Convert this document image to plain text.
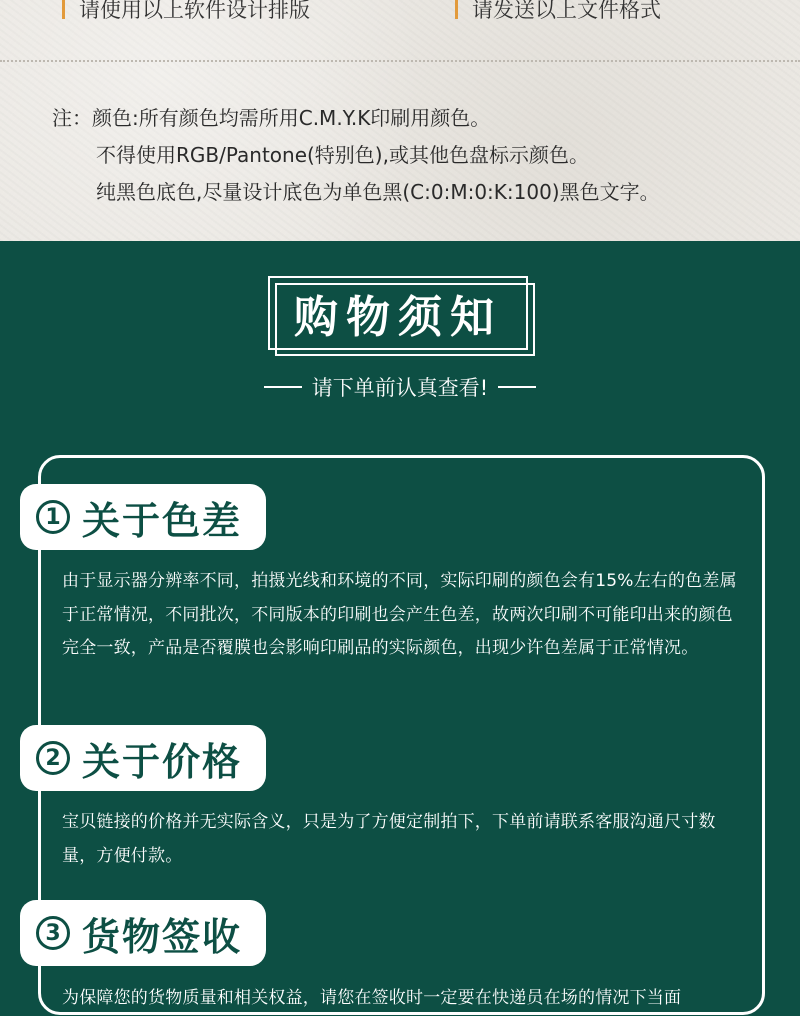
请使用以上软件设计排版	请发送以上文件格式
注：颜色:所有颜色均需所用C.M.Y.K印刷用颜色。
不得使用RGB/Pantone(特别色),或其他色盘标示颜色。
纯黑色底色,尽量设计底色为单色黑(C:0:M:0:K:100)黑色文字。
购物须知
请下单前认真查看!
1 关于色差
由于显示器分辨率不同，拍摄光线和环境的不同，实际印刷的颜色会有15%左右的色差属于正常情况，不同批次，不同版本的印刷也会产生色差，故两次印刷不可能印出来的颜色完全一致，产品是否覆膜也会影响印刷品的实际颜色，出现少许色差属于正常情况。
2 关于价格
宝贝链接的价格并无实际含义，只是为了方便定制拍下，下单前请联系客服沟通尺寸数量，方便付款。
3 货物签收
为保障您的货物质量和相关权益，请您在签收时一定要在快递员在场的情况下当面
